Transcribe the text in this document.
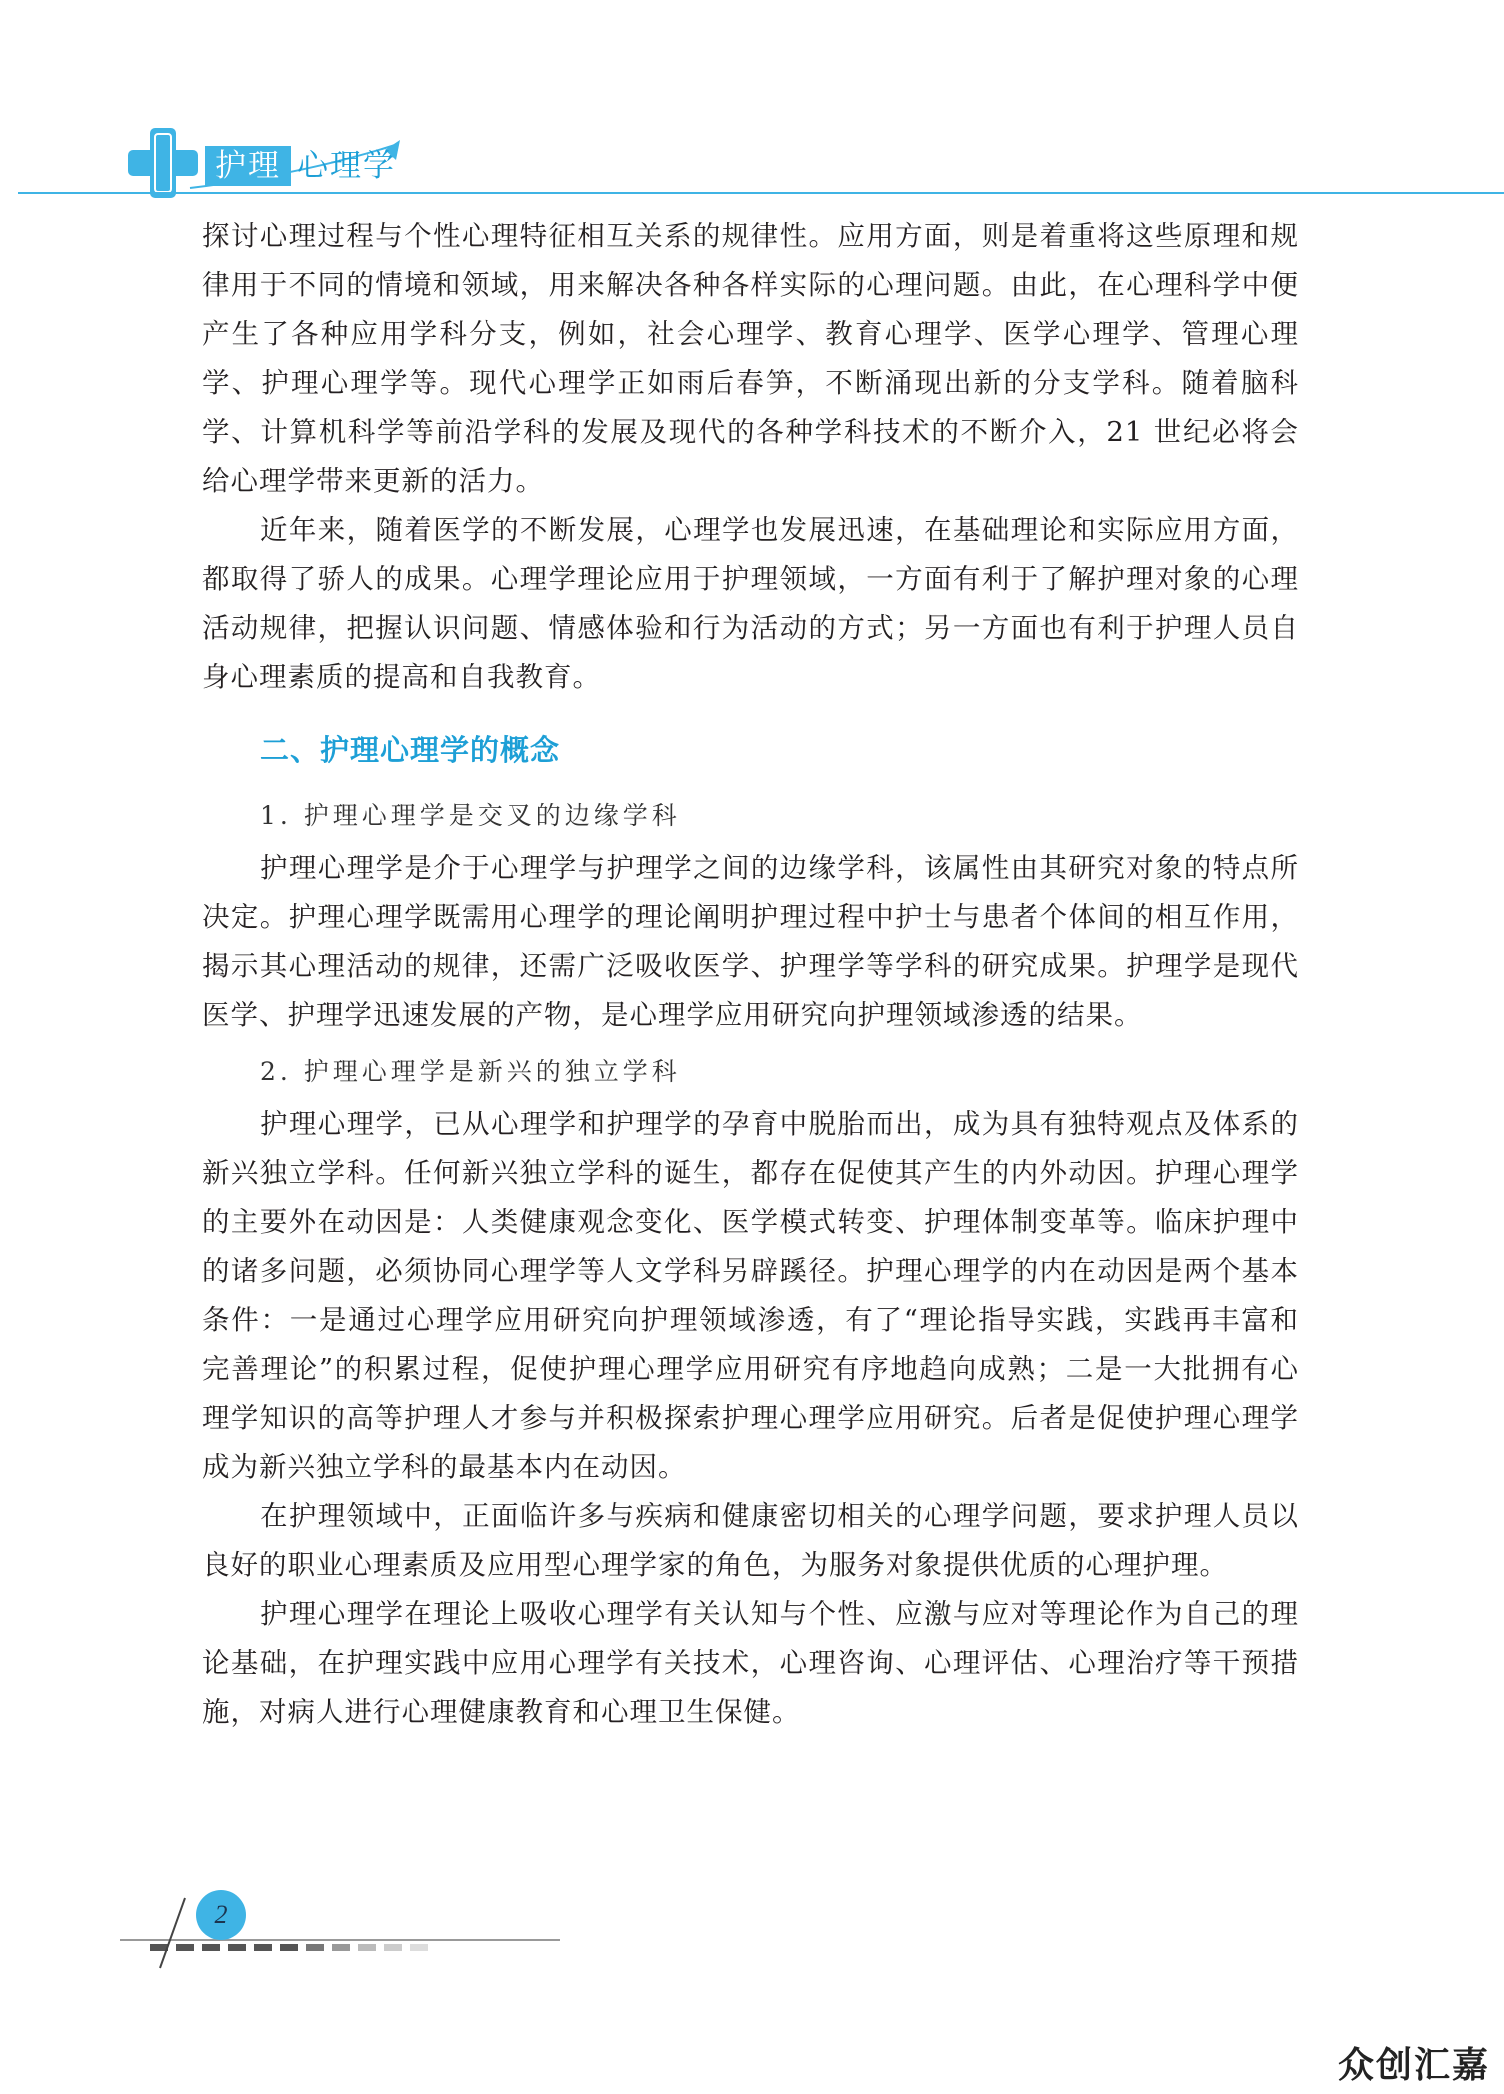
护理 心理学

探讨心理过程与个性心理特征相互关系的规律性。应用方面，则是着重将这些原理和规律用于不同的情境和领域，用来解决各种各样实际的心理问题。由此，在心理科学中便产生了各种应用学科分支，例如，社会心理学、教育心理学、医学心理学、管理心理学、护理心理学等。现代心理学正如雨后春笋，不断涌现出新的分支学科。随着脑科学、计算机科学等前沿学科的发展及现代的各种学科技术的不断介入，21 世纪必将会给心理学带来更新的活力。

近年来，随着医学的不断发展，心理学也发展迅速，在基础理论和实际应用方面，都取得了骄人的成果。心理学理论应用于护理领域，一方面有利于了解护理对象的心理活动规律，把握认识问题、情感体验和行为活动的方式；另一方面也有利于护理人员自身心理素质的提高和自我教育。

二、护理心理学的概念
1. 护理心理学是交叉的边缘学科

护理心理学是介于心理学与护理学之间的边缘学科，该属性由其研究对象的特点所决定。护理心理学既需用心理学的理论阐明护理过程中护士与患者个体间的相互作用，揭示其心理活动的规律，还需广泛吸收医学、护理学等学科的研究成果。护理学是现代医学、护理学迅速发展的产物，是心理学应用研究向护理领域渗透的结果。

2. 护理心理学是新兴的独立学科

护理心理学，已从心理学和护理学的孕育中脱胎而出，成为具有独特观点及体系的新兴独立学科。任何新兴独立学科的诞生，都存在促使其产生的内外动因。护理心理学的主要外在动因是：人类健康观念变化、医学模式转变、护理体制变革等。临床护理中的诸多问题，必须协同心理学等人文学科另辟蹊径。护理心理学的内在动因是两个基本条件：一是通过心理学应用研究向护理领域渗透，有了“理论指导实践，实践再丰富和完善理论”的积累过程，促使护理心理学应用研究有序地趋向成熟；二是一大批拥有心理学知识的高等护理人才参与并积极探索护理心理学应用研究。后者是促使护理心理学成为新兴独立学科的最基本内在动因。

在护理领域中，正面临许多与疾病和健康密切相关的心理学问题，要求护理人员以良好的职业心理素质及应用型心理学家的角色，为服务对象提供优质的心理护理。

护理心理学在理论上吸收心理学有关认知与个性、应激与应对等理论作为自己的理论基础，在护理实践中应用心理学有关技术，心理咨询、心理评估、心理治疗等干预措施，对病人进行心理健康教育和心理卫生保健。

2
众创汇嘉
